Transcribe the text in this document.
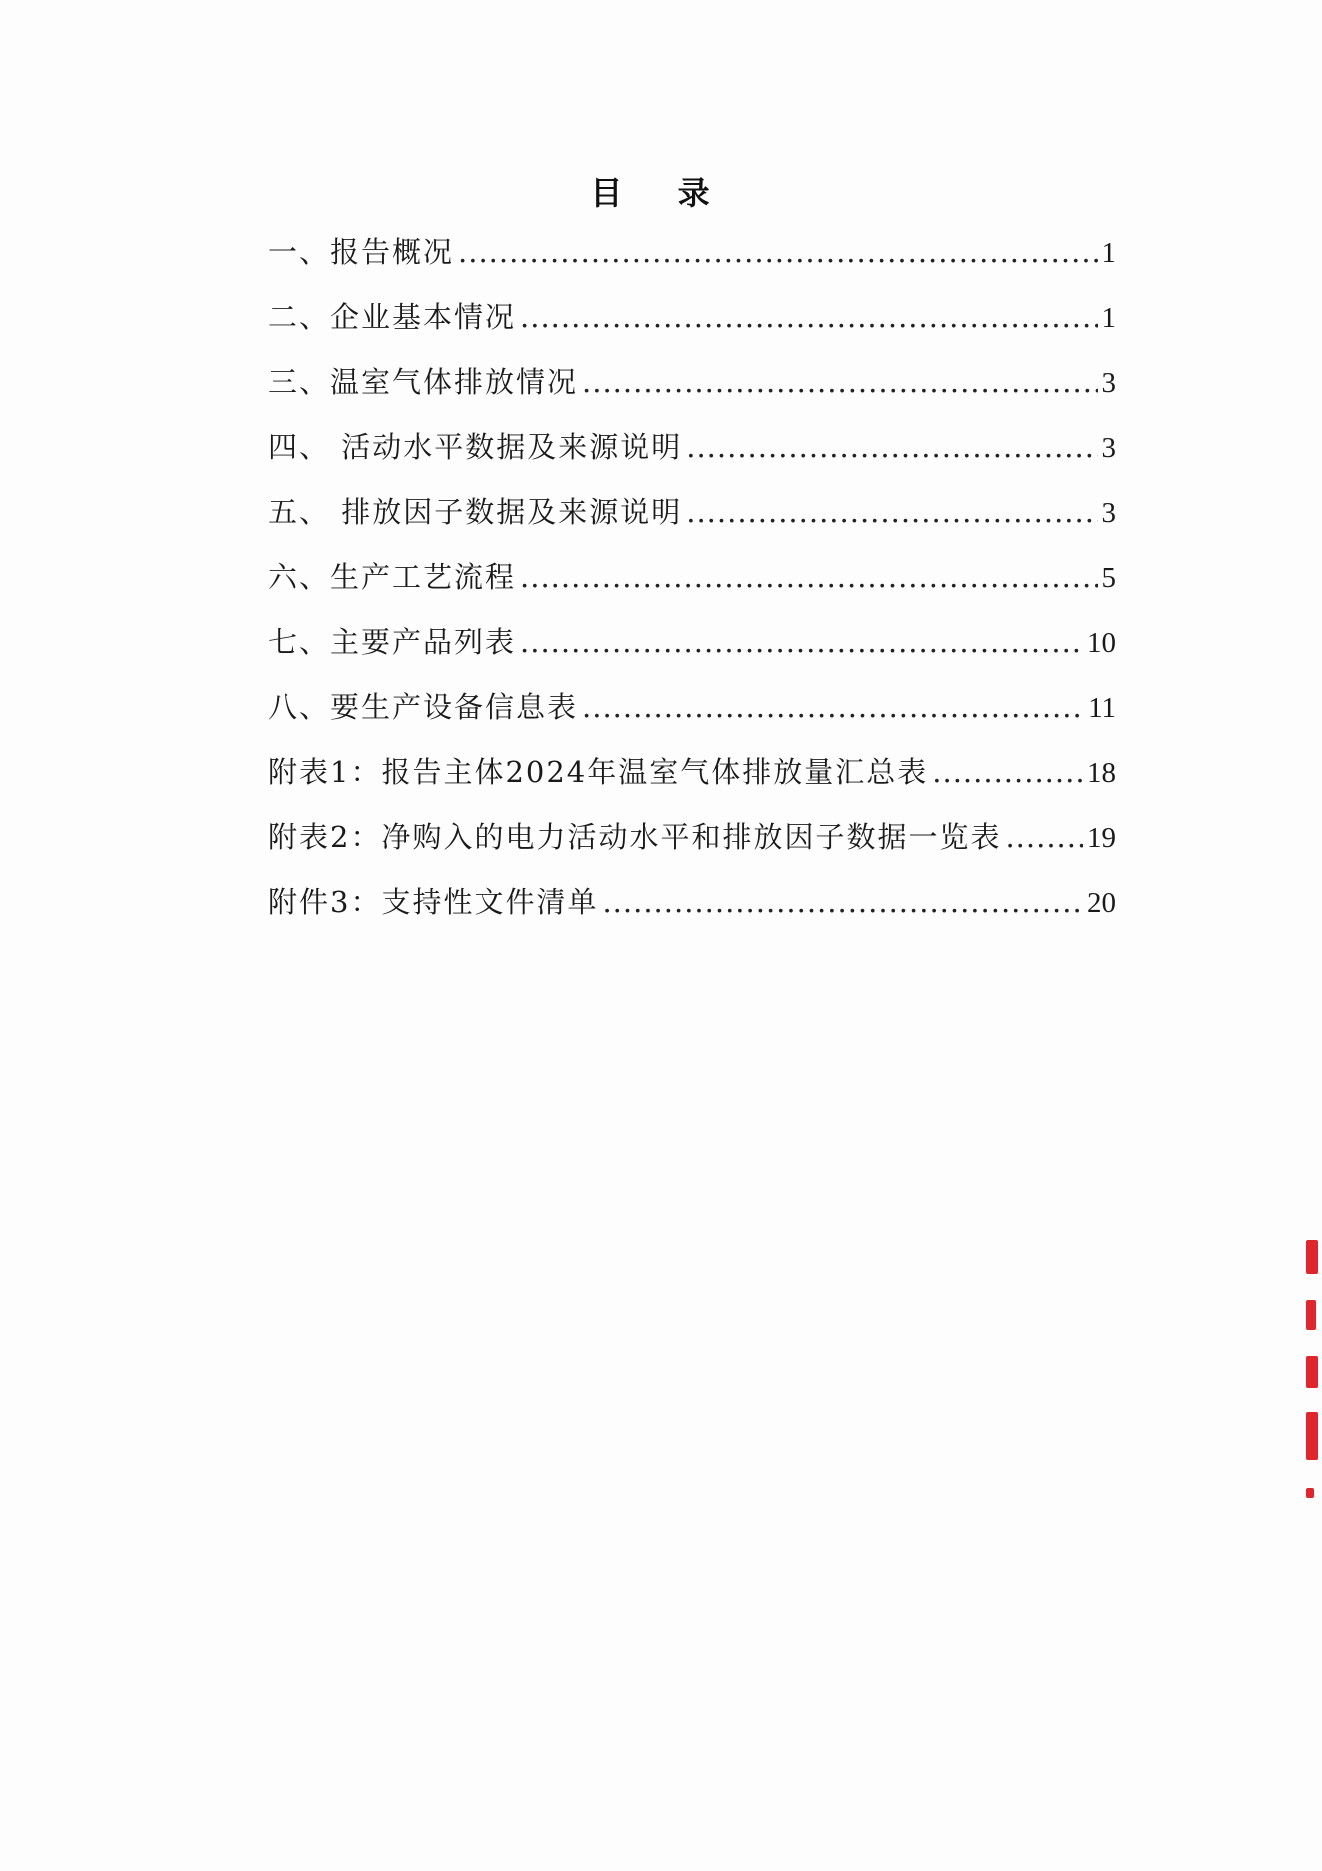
目 录
一、报告概况 .....	1
二、企业基本情况 .....	1
三、温室气体排放情况 .....	3
四、 活动水平数据及来源说明 .....	3
五、 排放因子数据及来源说明 .....	3
六、生产工艺流程 .....	5
七、主要产品列表 .....	10
八、要生产设备信息表 .....	11
附表1：报告主体2024年温室气体排放量汇总表 .....	18
附表2：净购入的电力活动水平和排放因子数据一览表 .....	19
附件3：支持性文件清单 .....	20
